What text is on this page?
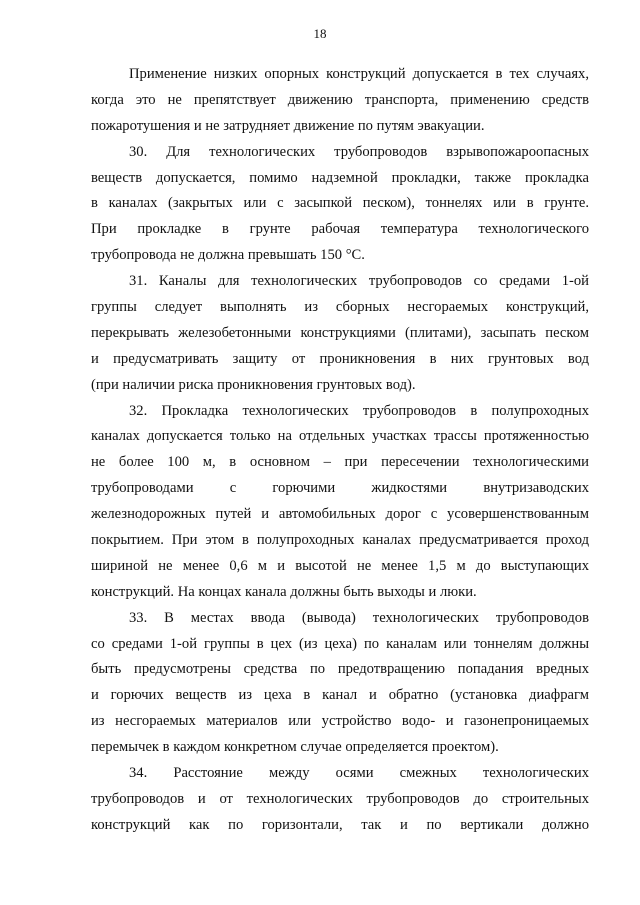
18
Применение низких опорных конструкций допускается в тех случаях,
когда это не препятствует движению транспорта, применению средств
пожаротушения и не затрудняет движение по путям эвакуации.
30. Для технологических трубопроводов взрывопожароопасных
веществ допускается, помимо надземной прокладки, также прокладка
в каналах (закрытых или с засыпкой песком), тоннелях или в грунте.
При прокладке в грунте рабочая температура технологического
трубопровода не должна превышать 150 °С.
31. Каналы для технологических трубопроводов со средами 1-ой
группы следует выполнять из сборных несгораемых конструкций,
перекрывать железобетонными конструкциями (плитами), засыпать песком
и предусматривать защиту от проникновения в них грунтовых вод
(при наличии риска проникновения грунтовых вод).
32. Прокладка технологических трубопроводов в полупроходных
каналах допускается только на отдельных участках трассы протяженностью
не более 100 м, в основном – при пересечении технологическими
трубопроводами с горючими жидкостями внутризаводских
железнодорожных путей и автомобильных дорог с усовершенствованным
покрытием. При этом в полупроходных каналах предусматривается проход
шириной не менее 0,6 м и высотой не менее 1,5 м до выступающих
конструкций. На концах канала должны быть выходы и люки.
33. В местах ввода (вывода) технологических трубопроводов
со средами 1-ой группы в цех (из цеха) по каналам или тоннелям должны
быть предусмотрены средства по предотвращению попадания вредных
и горючих веществ из цеха в канал и обратно (установка диафрагм
из несгораемых материалов или устройство водо- и газонепроницаемых
перемычек в каждом конкретном случае определяется проектом).
34. Расстояние между осями смежных технологических
трубопроводов и от технологических трубопроводов до строительных
конструкций как по горизонтали, так и по вертикали должно
